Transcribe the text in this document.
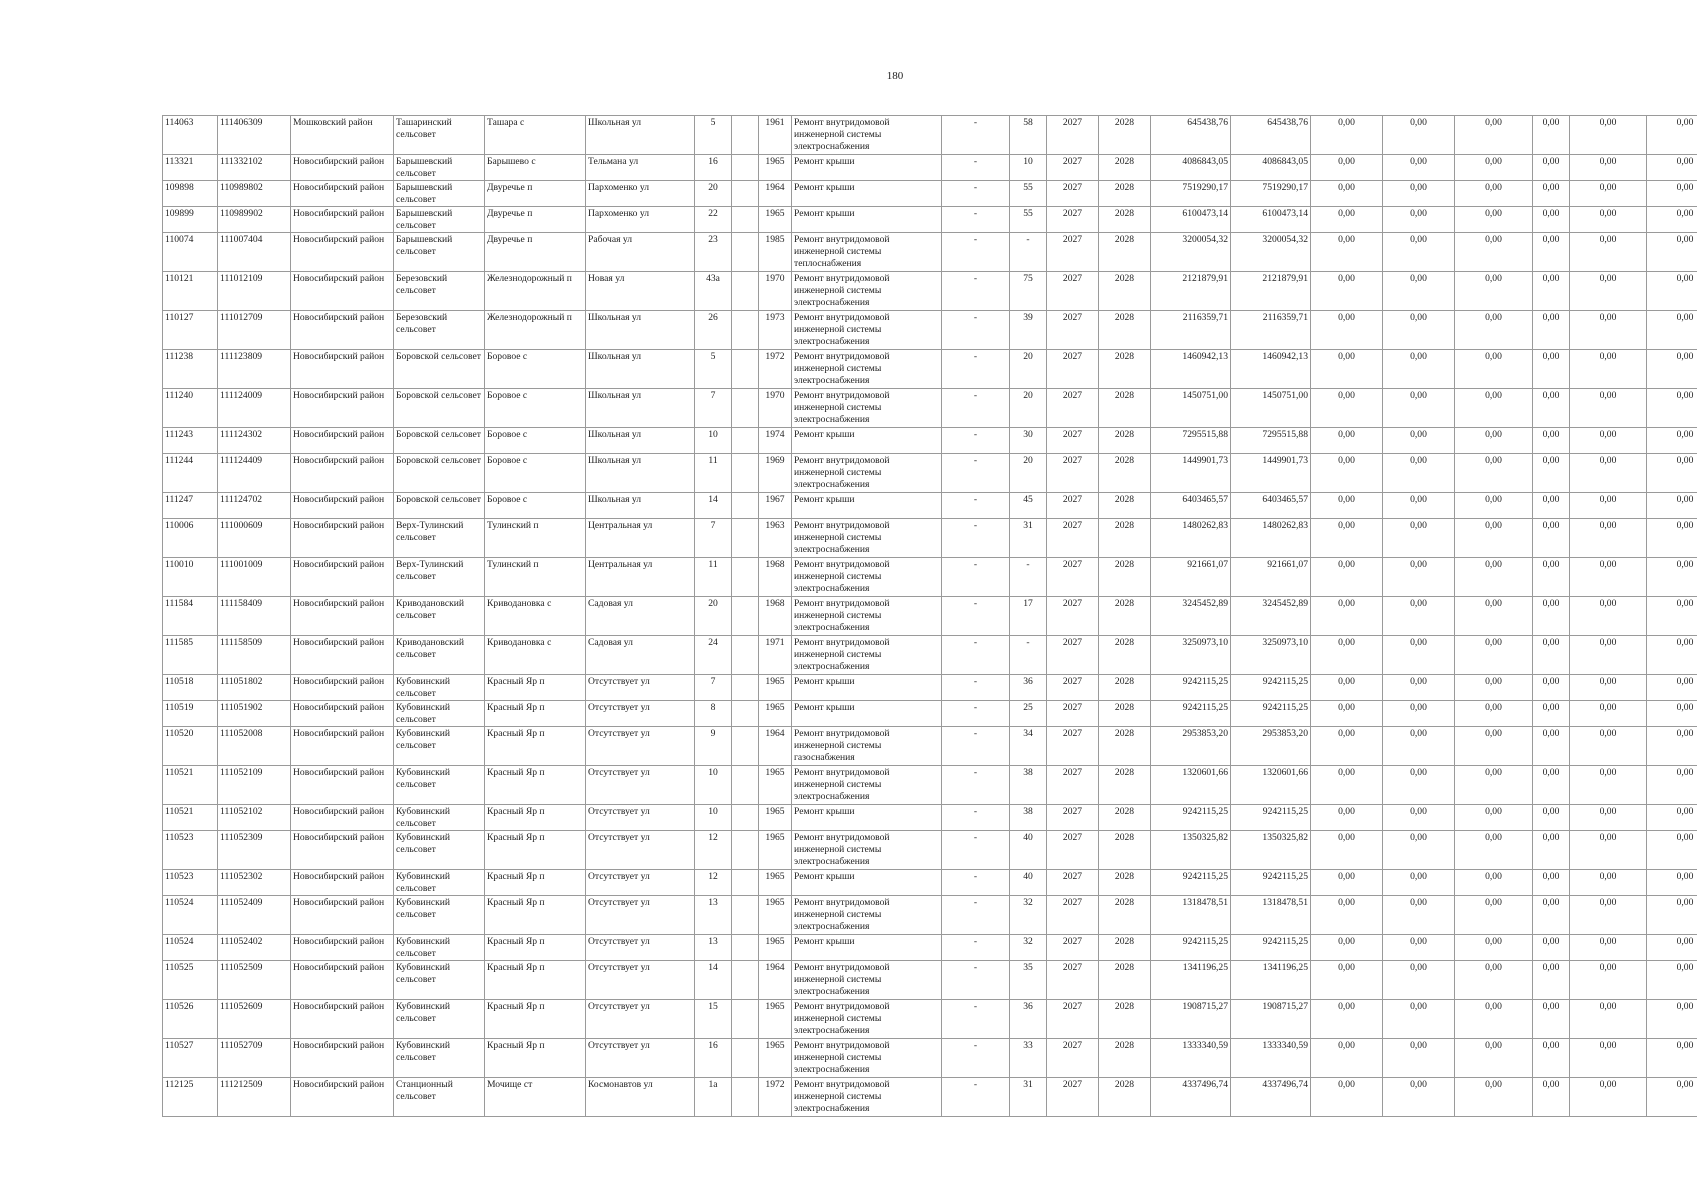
180
114063	111406309	Мошковский район	Ташаринский сельсовет	Ташара с	Школьная ул	5		1961	Ремонт внутридомовой инженерной системы электроснабжения	-	58	2027	2028	645438,76	645438,76	0,00	0,00	0,00	0,00	0,00	0,00
113321	111332102	Новосибирский район	Барышевский сельсовет	Барышево с	Тельмана ул	16		1965	Ремонт крыши	-	10	2027	2028	4086843,05	4086843,05	0,00	0,00	0,00	0,00	0,00	0,00
109898	110989802	Новосибирский район	Барышевский сельсовет	Двуречье п	Пархоменко ул	20		1964	Ремонт крыши	-	55	2027	2028	7519290,17	7519290,17	0,00	0,00	0,00	0,00	0,00	0,00
109899	110989902	Новосибирский район	Барышевский сельсовет	Двуречье п	Пархоменко ул	22		1965	Ремонт крыши	-	55	2027	2028	6100473,14	6100473,14	0,00	0,00	0,00	0,00	0,00	0,00
110074	111007404	Новосибирский район	Барышевский сельсовет	Двуречье п	Рабочая ул	23		1985	Ремонт внутридомовой инженерной системы теплоснабжения	-	-	2027	2028	3200054,32	3200054,32	0,00	0,00	0,00	0,00	0,00	0,00
110121	111012109	Новосибирский район	Березовский сельсовет	Железнодорожный п	Новая ул	43а		1970	Ремонт внутридомовой инженерной системы электроснабжения	-	75	2027	2028	2121879,91	2121879,91	0,00	0,00	0,00	0,00	0,00	0,00
110127	111012709	Новосибирский район	Березовский сельсовет	Железнодорожный п	Школьная ул	26		1973	Ремонт внутридомовой инженерной системы электроснабжения	-	39	2027	2028	2116359,71	2116359,71	0,00	0,00	0,00	0,00	0,00	0,00
111238	111123809	Новосибирский район	Боровской сельсовет	Боровое с	Школьная ул	5		1972	Ремонт внутридомовой инженерной системы электроснабжения	-	20	2027	2028	1460942,13	1460942,13	0,00	0,00	0,00	0,00	0,00	0,00
111240	111124009	Новосибирский район	Боровской сельсовет	Боровое с	Школьная ул	7		1970	Ремонт внутридомовой инженерной системы электроснабжения	-	20	2027	2028	1450751,00	1450751,00	0,00	0,00	0,00	0,00	0,00	0,00
111243	111124302	Новосибирский район	Боровской сельсовет	Боровое с	Школьная ул	10		1974	Ремонт крыши	-	30	2027	2028	7295515,88	7295515,88	0,00	0,00	0,00	0,00	0,00	0,00
111244	111124409	Новосибирский район	Боровской сельсовет	Боровое с	Школьная ул	11		1969	Ремонт внутридомовой инженерной системы электроснабжения	-	20	2027	2028	1449901,73	1449901,73	0,00	0,00	0,00	0,00	0,00	0,00
111247	111124702	Новосибирский район	Боровской сельсовет	Боровое с	Школьная ул	14		1967	Ремонт крыши	-	45	2027	2028	6403465,57	6403465,57	0,00	0,00	0,00	0,00	0,00	0,00
110006	111000609	Новосибирский район	Верх-Тулинский сельсовет	Тулинский п	Центральная ул	7		1963	Ремонт внутридомовой инженерной системы электроснабжения	-	31	2027	2028	1480262,83	1480262,83	0,00	0,00	0,00	0,00	0,00	0,00
110010	111001009	Новосибирский район	Верх-Тулинский сельсовет	Тулинский п	Центральная ул	11		1968	Ремонт внутридомовой инженерной системы электроснабжения	-	-	2027	2028	921661,07	921661,07	0,00	0,00	0,00	0,00	0,00	0,00
111584	111158409	Новосибирский район	Криводановский сельсовет	Криводановка с	Садовая ул	20		1968	Ремонт внутридомовой инженерной системы электроснабжения	-	17	2027	2028	3245452,89	3245452,89	0,00	0,00	0,00	0,00	0,00	0,00
111585	111158509	Новосибирский район	Криводановский сельсовет	Криводановка с	Садовая ул	24		1971	Ремонт внутридомовой инженерной системы электроснабжения	-	-	2027	2028	3250973,10	3250973,10	0,00	0,00	0,00	0,00	0,00	0,00
110518	111051802	Новосибирский район	Кубовинский сельсовет	Красный Яр п	Отсутствует ул	7		1965	Ремонт крыши	-	36	2027	2028	9242115,25	9242115,25	0,00	0,00	0,00	0,00	0,00	0,00
110519	111051902	Новосибирский район	Кубовинский сельсовет	Красный Яр п	Отсутствует ул	8		1965	Ремонт крыши	-	25	2027	2028	9242115,25	9242115,25	0,00	0,00	0,00	0,00	0,00	0,00
110520	111052008	Новосибирский район	Кубовинский сельсовет	Красный Яр п	Отсутствует ул	9		1964	Ремонт внутридомовой инженерной системы газоснабжения	-	34	2027	2028	2953853,20	2953853,20	0,00	0,00	0,00	0,00	0,00	0,00
110521	111052109	Новосибирский район	Кубовинский сельсовет	Красный Яр п	Отсутствует ул	10		1965	Ремонт внутридомовой инженерной системы электроснабжения	-	38	2027	2028	1320601,66	1320601,66	0,00	0,00	0,00	0,00	0,00	0,00
110521	111052102	Новосибирский район	Кубовинский сельсовет	Красный Яр п	Отсутствует ул	10		1965	Ремонт крыши	-	38	2027	2028	9242115,25	9242115,25	0,00	0,00	0,00	0,00	0,00	0,00
110523	111052309	Новосибирский район	Кубовинский сельсовет	Красный Яр п	Отсутствует ул	12		1965	Ремонт внутридомовой инженерной системы электроснабжения	-	40	2027	2028	1350325,82	1350325,82	0,00	0,00	0,00	0,00	0,00	0,00
110523	111052302	Новосибирский район	Кубовинский сельсовет	Красный Яр п	Отсутствует ул	12		1965	Ремонт крыши	-	40	2027	2028	9242115,25	9242115,25	0,00	0,00	0,00	0,00	0,00	0,00
110524	111052409	Новосибирский район	Кубовинский сельсовет	Красный Яр п	Отсутствует ул	13		1965	Ремонт внутридомовой инженерной системы электроснабжения	-	32	2027	2028	1318478,51	1318478,51	0,00	0,00	0,00	0,00	0,00	0,00
110524	111052402	Новосибирский район	Кубовинский сельсовет	Красный Яр п	Отсутствует ул	13		1965	Ремонт крыши	-	32	2027	2028	9242115,25	9242115,25	0,00	0,00	0,00	0,00	0,00	0,00
110525	111052509	Новосибирский район	Кубовинский сельсовет	Красный Яр п	Отсутствует ул	14		1964	Ремонт внутридомовой инженерной системы электроснабжения	-	35	2027	2028	1341196,25	1341196,25	0,00	0,00	0,00	0,00	0,00	0,00
110526	111052609	Новосибирский район	Кубовинский сельсовет	Красный Яр п	Отсутствует ул	15		1965	Ремонт внутридомовой инженерной системы электроснабжения	-	36	2027	2028	1908715,27	1908715,27	0,00	0,00	0,00	0,00	0,00	0,00
110527	111052709	Новосибирский район	Кубовинский сельсовет	Красный Яр п	Отсутствует ул	16		1965	Ремонт внутридомовой инженерной системы электроснабжения	-	33	2027	2028	1333340,59	1333340,59	0,00	0,00	0,00	0,00	0,00	0,00
112125	111212509	Новосибирский район	Станционный сельсовет	Мочище ст	Космонавтов ул	1а		1972	Ремонт внутридомовой инженерной системы электроснабжения	-	31	2027	2028	4337496,74	4337496,74	0,00	0,00	0,00	0,00	0,00	0,00
